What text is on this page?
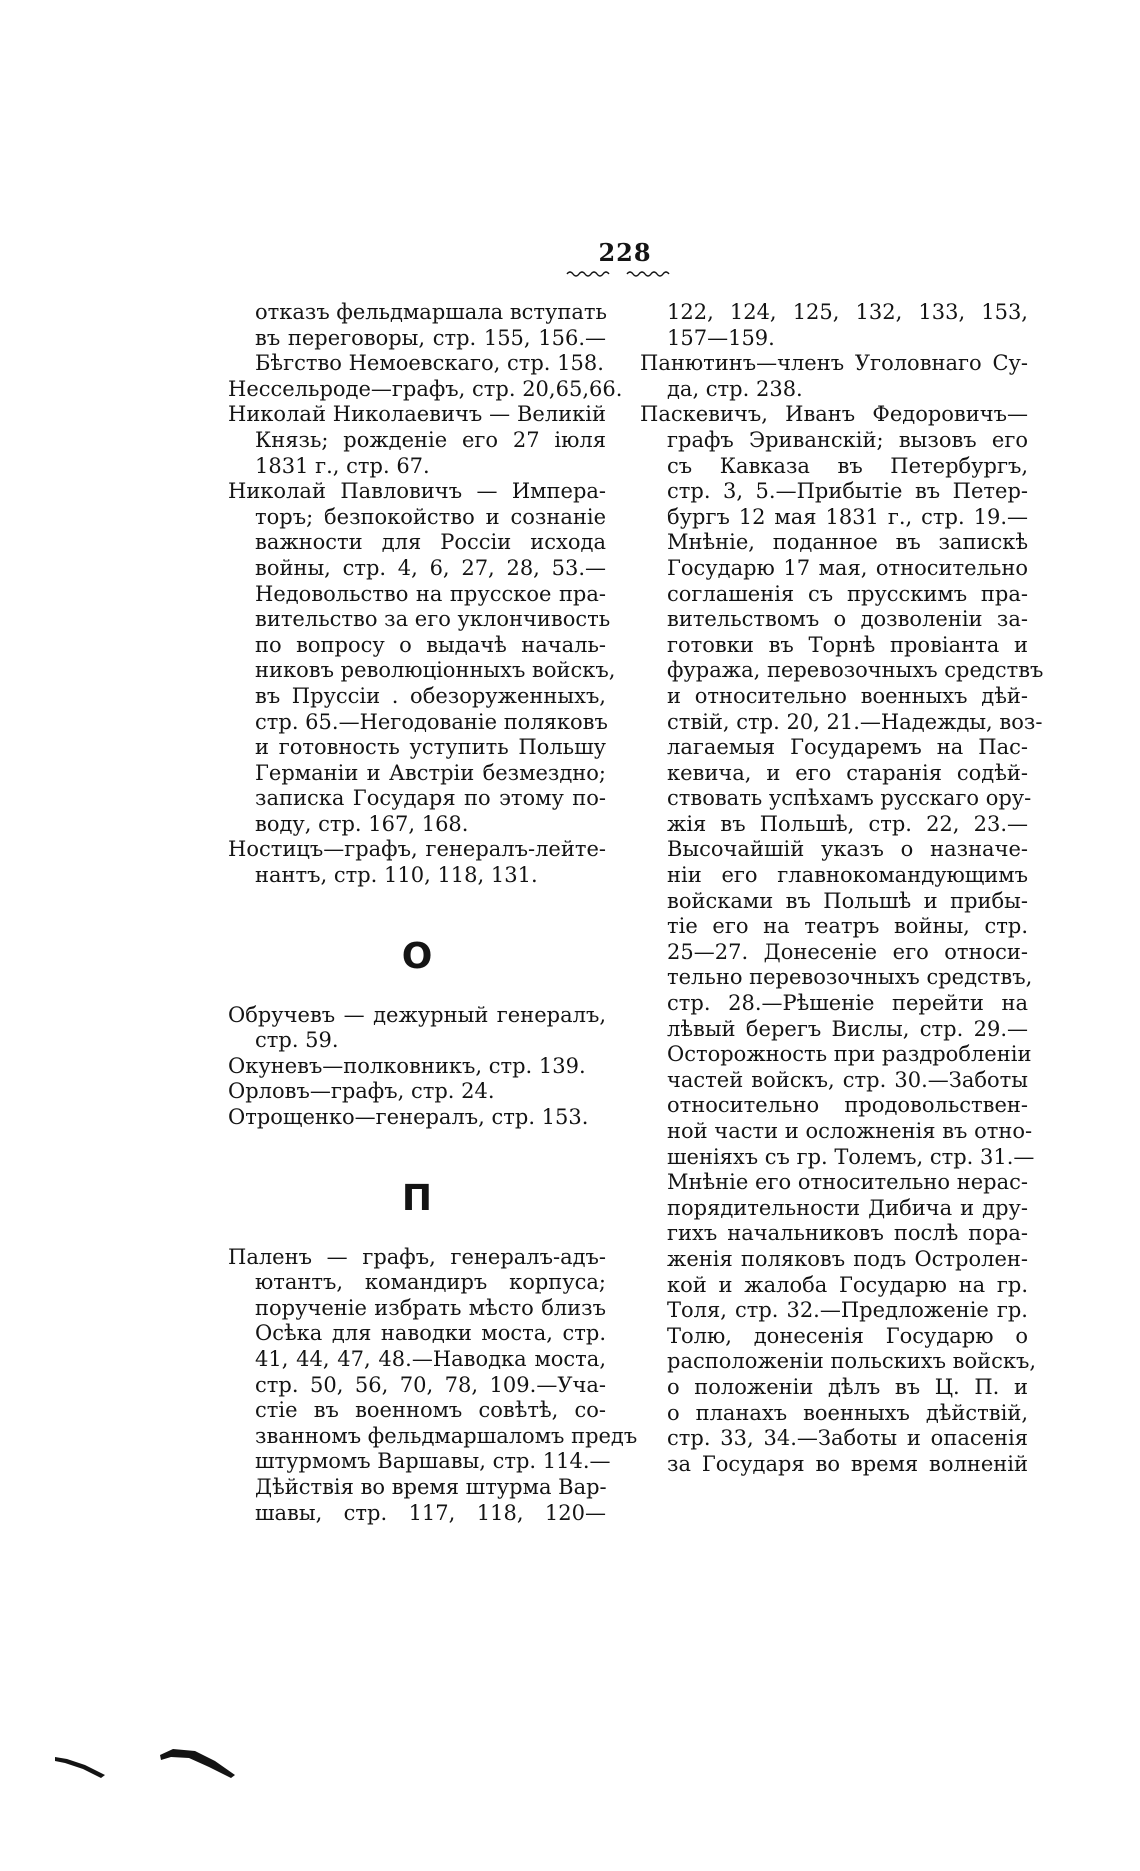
228
отказъ фельдмаршала вступать
въ переговоры, стр. 155, 156.—
Бѣгство Немоевскаго, стр. 158.
Нессельроде—графъ, стр. 20,65,66.
Николай Николаевичъ — Великiй
Князь; рожденiе его 27 iюля
1831 г., стр. 67.
Николай Павловичъ — Импера-
торъ; безпокойство и сознанiе
важности для Россiи исхода
войны, стр. 4, 6, 27, 28, 53.—
Недовольство на прусское пра-
вительство за его уклончивость
по вопросу о выдачѣ началь-
никовъ революцiонныхъ войскъ,
въ Пруссiи . обезоруженныхъ,
стр. 65.—Негодованiе поляковъ
и готовность уступить Польшу
Германiи и Австрiи безмездно;
записка Государя по этому по-
воду, стр. 167, 168.
Ностицъ—графъ, генералъ-лейте-
нантъ, стр. 110, 118, 131.
О
Обручевъ — дежурный генералъ,
стр. 59.
Окуневъ—полковникъ, стр. 139.
Орловъ—графъ, стр. 24.
Отрощенко—генералъ, стр. 153.
П
Паленъ — графъ, генералъ-адъ-
ютантъ, командиръ корпуса;
порученiе избрать мѣсто близъ
Осѣка для наводки моста, стр.
41, 44, 47, 48.—Наводка моста,
стр. 50, 56, 70, 78, 109.—Уча-
стiе въ военномъ совѣтѣ, со-
званномъ фельдмаршаломъ предъ
штурмомъ Варшавы, стр. 114.—
Дѣйствiя во время штурма Вар-
шавы, стр. 117, 118, 120—
122, 124, 125, 132, 133, 153,
157—159.
Панютинъ—членъ Уголовнаго Су-
да, стр. 238.
Паскевичъ, Иванъ Федоровичъ—
графъ Эриванскiй; вызовъ его
съ Кавказа въ Петербургъ,
стр. 3, 5.—Прибытiе въ Петер-
бургъ 12 мая 1831 г., стр. 19.—
Мнѣнiе, поданное въ запискѣ
Государю 17 мая, относительно
соглашенiя съ прусскимъ пра-
вительствомъ о дозволенiи за-
готовки въ Торнѣ провiанта и
фуража, перевозочныхъ средствъ
и относительно военныхъ дѣй-
ствiй, стр. 20, 21.—Надежды, воз-
лагаемыя Государемъ на Пас-
кевича, и его старанiя содѣй-
ствовать успѣхамъ русскаго ору-
жiя въ Польшѣ, стр. 22, 23.—
Высочайшiй указъ о назначе-
нiи его главнокомандующимъ
войсками въ Польшѣ и прибы-
тiе его на театръ войны, стр.
25—27. Донесенiе его относи-
тельно перевозочныхъ средствъ,
стр. 28.—Рѣшенiе перейти на
лѣвый берегъ Вислы, стр. 29.—
Осторожность при раздробленiи
частей войскъ, стр. 30.—Заботы
относительно продовольствен-
ной части и осложненiя въ отно-
шенiяхъ съ гр. Толемъ, стр. 31.—
Мнѣнiе его относительно нерас-
порядительности Дибича и дру-
гихъ начальниковъ послѣ пора-
женiя поляковъ подъ Остролен-
кой и жалоба Государю на гр.
Толя, стр. 32.—Предложенiе гр.
Толю, донесенiя Государю о
расположенiи польскихъ войскъ,
о положенiи дѣлъ въ Ц. П. и
о планахъ военныхъ дѣйствiй,
стр. 33, 34.—Заботы и опасенiя
за Государя во время волненiй
